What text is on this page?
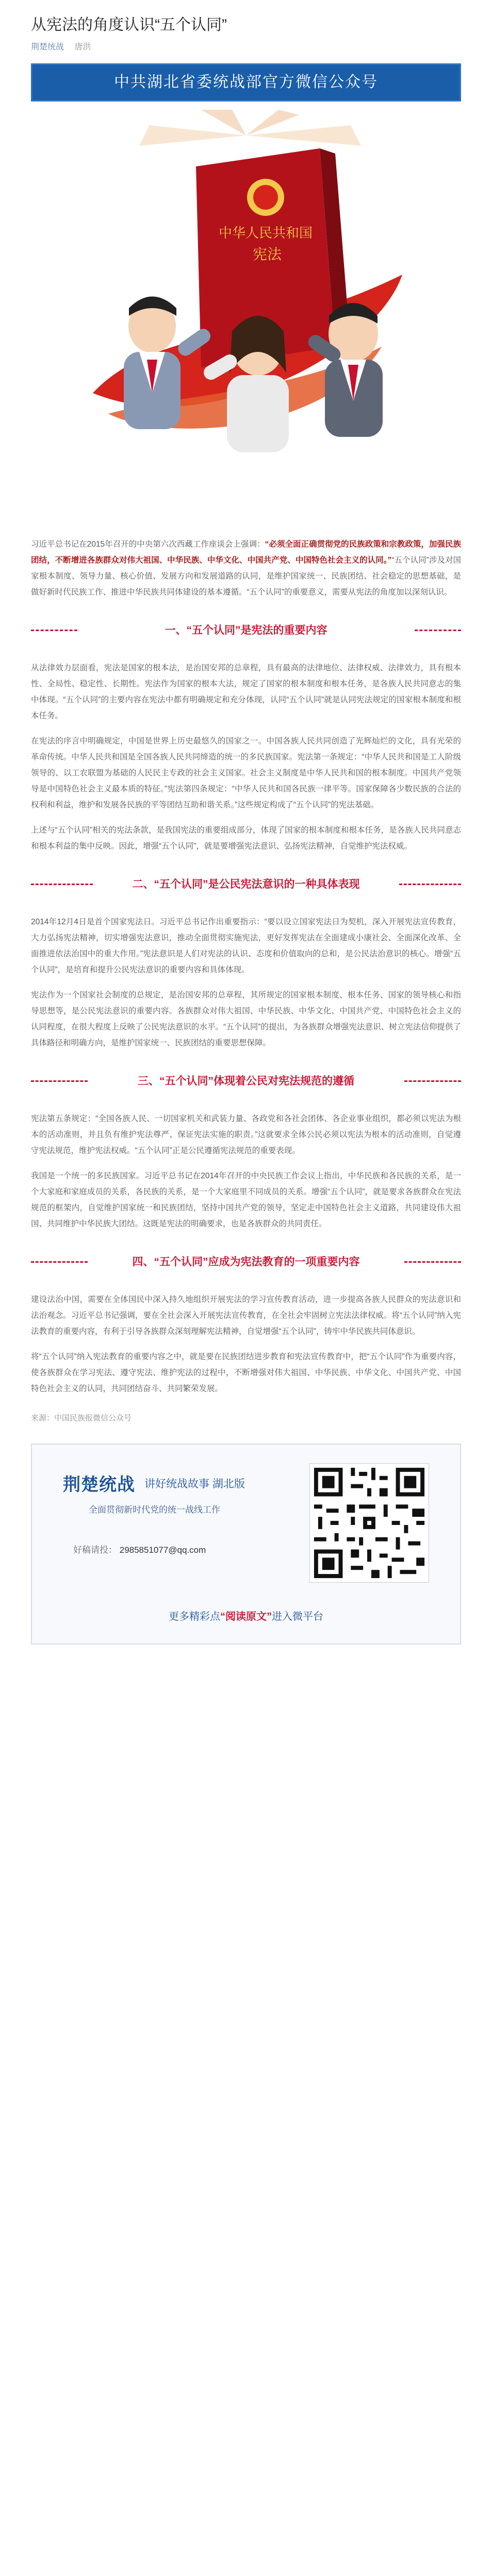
从宪法的角度认识“五个认同”
荆楚统战 唐洪
中共湖北省委统战部官方微信公众号
中华人民共和国
宪法

习近平总书记在2015年召开的中央第六次西藏工作座谈会上强调：“必须全面正确贯彻党的民族政策和宗教政策，加强民族团结，不断增进各族群众对伟大祖国、中华民族、中华文化、中国共产党、中国特色社会主义的认同。”“五个认同”涉及对国家根本制度、领导力量、核心价值、发展方向和发展道路的认同，是维护国家统一、民族团结、社会稳定的思想基础，是做好新时代民族工作、推进中华民族共同体建设的基本遵循。“五个认同”的重要意义，需要从宪法的角度加以深刻认识。

一、“五个认同”是宪法的重要内容

从法律效力层面看，宪法是国家的根本法，是治国安邦的总章程，具有最高的法律地位、法律权威、法律效力，具有根本性、全局性、稳定性、长期性。宪法作为国家的根本大法，规定了国家的根本制度和根本任务，是各族人民共同意志的集中体现。“五个认同”的主要内容在宪法中都有明确规定和充分体现，认同“五个认同”就是认同宪法规定的国家根本制度和根本任务。

在宪法的序言中明确规定，中国是世界上历史最悠久的国家之一。中国各族人民共同创造了光辉灿烂的文化，具有光荣的革命传统。中华人民共和国是全国各族人民共同缔造的统一的多民族国家。宪法第一条规定：“中华人民共和国是工人阶级领导的、以工农联盟为基础的人民民主专政的社会主义国家。社会主义制度是中华人民共和国的根本制度。中国共产党领导是中国特色社会主义最本质的特征。”宪法第四条规定：“中华人民共和国各民族一律平等。国家保障各少数民族的合法的权利和利益，维护和发展各民族的平等团结互助和谐关系。”这些规定构成了“五个认同”的宪法基础。

上述与“五个认同”相关的宪法条款，是我国宪法的重要组成部分，体现了国家的根本制度和根本任务，是各族人民共同意志和根本利益的集中反映。因此，增强“五个认同”，就是要增强宪法意识、弘扬宪法精神，自觉维护宪法权威。

二、“五个认同”是公民宪法意识的一种具体表现

2014年12月4日是首个国家宪法日。习近平总书记作出重要指示：“要以设立国家宪法日为契机，深入开展宪法宣传教育，大力弘扬宪法精神，切实增强宪法意识，推动全面贯彻实施宪法，更好发挥宪法在全面建成小康社会、全面深化改革、全面推进依法治国中的重大作用。”宪法意识是人们对宪法的认识、态度和价值取向的总和，是公民法治意识的核心。增强“五个认同”，是培育和提升公民宪法意识的重要内容和具体体现。

宪法作为一个国家社会制度的总规定，是治国安邦的总章程，其所规定的国家根本制度、根本任务、国家的领导核心和指导思想等，是公民宪法意识的重要内容。各族群众对伟大祖国、中华民族、中华文化、中国共产党、中国特色社会主义的认同程度，在很大程度上反映了公民宪法意识的水平。“五个认同”的提出，为各族群众增强宪法意识、树立宪法信仰提供了具体路径和明确方向，是维护国家统一、民族团结的重要思想保障。

三、“五个认同”体现着公民对宪法规范的遵循

宪法第五条规定：“全国各族人民、一切国家机关和武装力量、各政党和各社会团体、各企业事业组织，都必须以宪法为根本的活动准则，并且负有维护宪法尊严、保证宪法实施的职责。”这就要求全体公民必须以宪法为根本的活动准则，自觉遵守宪法规范，维护宪法权威。“五个认同”正是公民遵循宪法规范的重要表现。

我国是一个统一的多民族国家。习近平总书记在2014年召开的中央民族工作会议上指出，中华民族和各民族的关系，是一个大家庭和家庭成员的关系，各民族的关系，是一个大家庭里不同成员的关系。增强“五个认同”，就是要求各族群众在宪法规范的框架内，自觉维护国家统一和民族团结，坚持中国共产党的领导，坚定走中国特色社会主义道路，共同建设伟大祖国、共同维护中华民族大团结。这既是宪法的明确要求，也是各族群众的共同责任。

四、“五个认同”应成为宪法教育的一项重要内容

建设法治中国，需要在全体国民中深入持久地组织开展宪法的学习宣传教育活动，进一步提高各族人民群众的宪法意识和法治观念。习近平总书记强调，要在全社会深入开展宪法宣传教育，在全社会牢固树立宪法法律权威。将“五个认同”纳入宪法教育的重要内容，有利于引导各族群众深刻理解宪法精神，自觉增强“五个认同”，铸牢中华民族共同体意识。

将“五个认同”纳入宪法教育的重要内容之中，就是要在民族团结进步教育和宪法宣传教育中，把“五个认同”作为重要内容，使各族群众在学习宪法、遵守宪法、维护宪法的过程中，不断增强对伟大祖国、中华民族、中华文化、中国共产党、中国特色社会主义的认同，共同团结奋斗、共同繁荣发展。

来源：中国民族报微信公众号
荆楚统战 讲好统战故事 湖北版
全面贯彻新时代党的统一战线工作
好稿请投： 2985851077@qq.com
更多精彩点“阅读原文”进入微平台
